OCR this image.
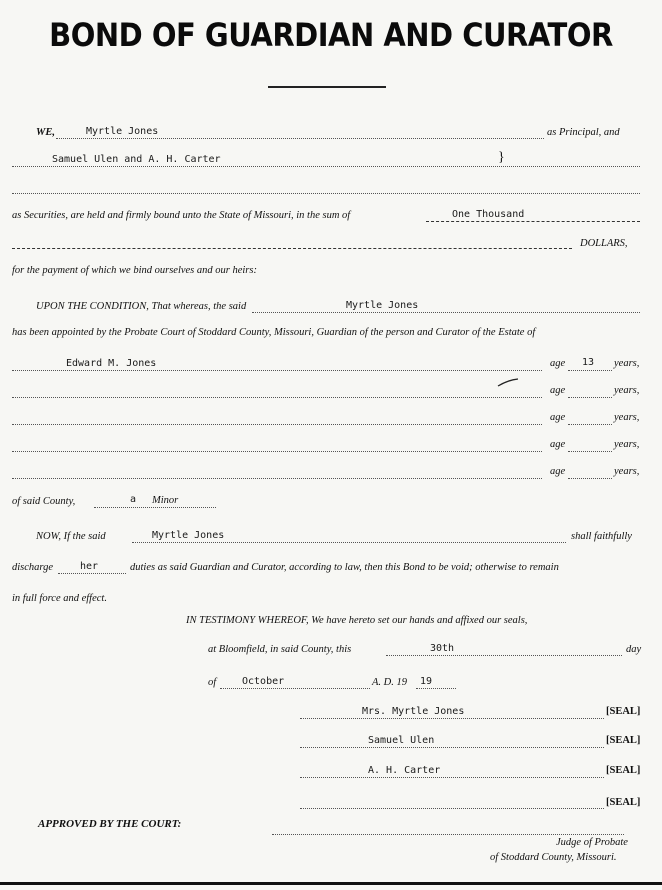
BOND OF GUARDIAN AND CURATOR
WE,	Myrtle Jones	as Principal, and
Samuel Ulen and A. H. Carter
as Securities, are held and firmly bound unto the State of Missouri, in the sum of	One Thousand
DOLLARS,
for the payment of which we bind ourselves and our heirs:
UPON THE CONDITION, That whereas, the said	Myrtle Jones
has been appointed by the Probate Court of Stoddard County, Missouri, Guardian of the person and Curator of the Estate of
Edward M. Jones	age 13 years,
age	years,
age	years,
age	years,
age	years,
of said County,	a Minor
NOW, If the said	Myrtle Jones	shall faithfully
discharge	her	duties as said Guardian and Curator, according to law, then this Bond to be void; otherwise to remain
in full force and effect.
IN TESTIMONY WHEREOF, We have hereto set our hands and affixed our seals,
at Bloomfield, in said County, this	30th	day
of	October	A. D. 19 19
Mrs. Myrtle Jones	[SEAL]
Samuel Ulen	[SEAL]
A. H. Carter	[SEAL]
[SEAL]
APPROVED BY THE COURT:
Judge of Probate
of Stoddard County, Missouri.
}
